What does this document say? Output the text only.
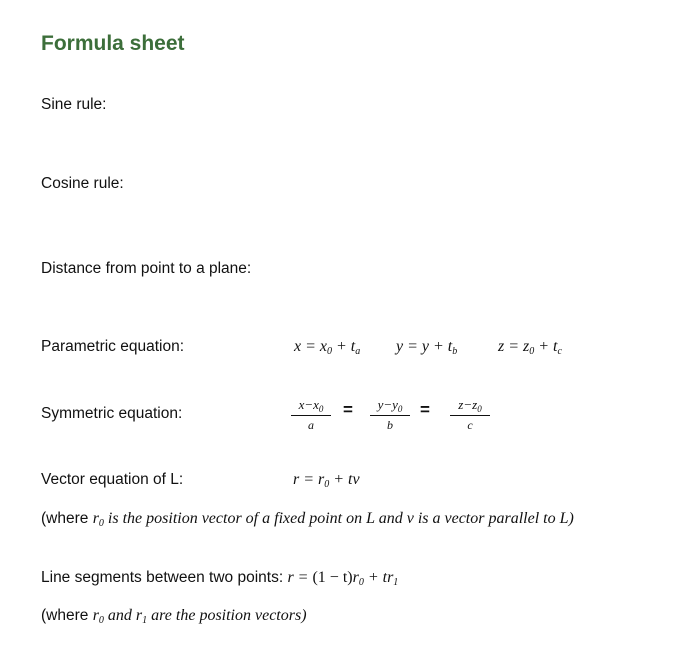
Formula sheet
Sine rule:
Cosine rule:
Distance from point to a plane:
Parametric equation:	$x = x_0 + t_a$ $y = y + t_b$	$z = z_0 + t_c$
Symmetric equation:	$\frac{x-x_0}{a} = \frac{y-y_0}{b} = \frac{z-z_0}{c}$
Vector equation of L:	$r = r_0$ + tv
(where $r_0$ is the position vector of a fixed point on L and v is a vector parallel to L)
Line segments between two points: $r = (1 - t)r_0 + tr_1$
(where $r_0$ and $r_1$ are the position vectors)
